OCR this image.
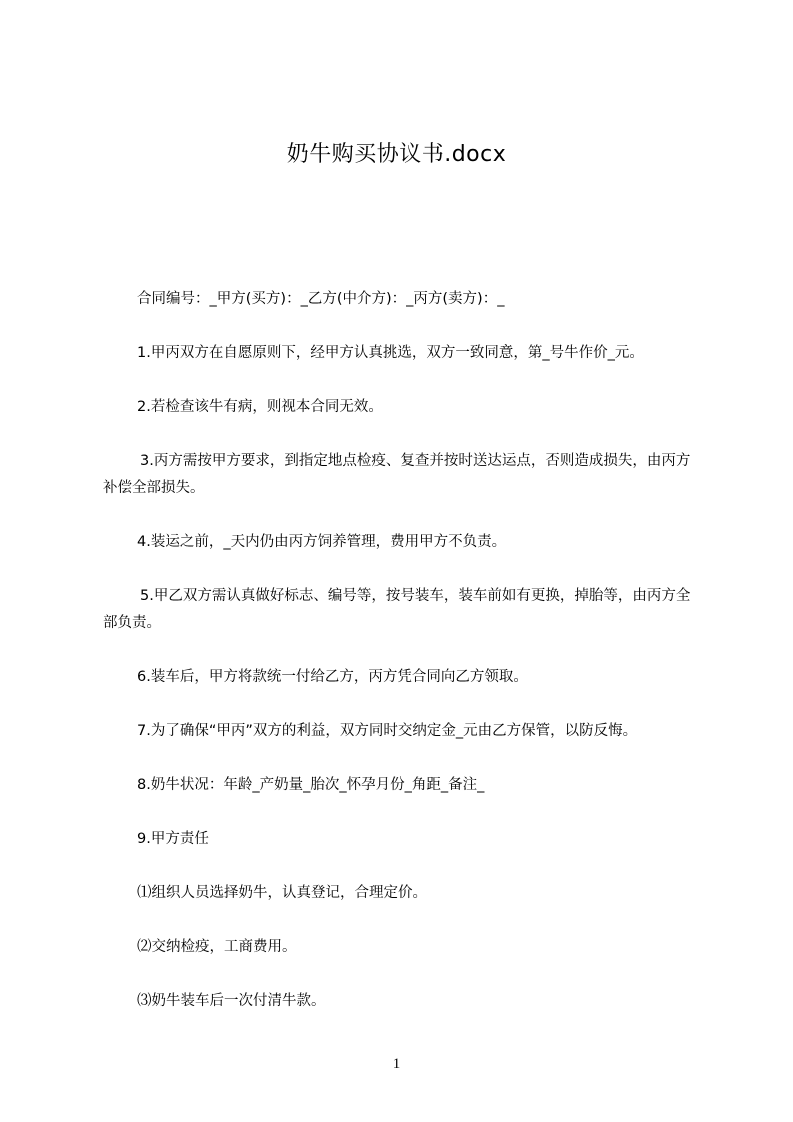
奶牛购买协议书.docx

合同编号：_甲方(买方)：_乙方(中介方)：_丙方(卖方)：_

1.甲丙双方在自愿原则下，经甲方认真挑选，双方一致同意，第_号牛作价_元。

2.若检查该牛有病，则视本合同无效。

3.丙方需按甲方要求，到指定地点检疫、复查并按时送达运点，否则造成损失，由丙方补偿全部损失。

4.装运之前，_天内仍由丙方饲养管理，费用甲方不负责。

5.甲乙双方需认真做好标志、编号等，按号装车，装车前如有更换，掉胎等，由丙方全部负责。

6.装车后，甲方将款统一付给乙方，丙方凭合同向乙方领取。

7.为了确保“甲丙”双方的利益，双方同时交纳定金_元由乙方保管，以防反悔。

8.奶牛状况：年龄_产奶量_胎次_怀孕月份_角距_备注_

9.甲方责任

⑴组织人员选择奶牛，认真登记，合理定价。

⑵交纳检疫，工商费用。

⑶奶牛装车后一次付清牛款。

1
